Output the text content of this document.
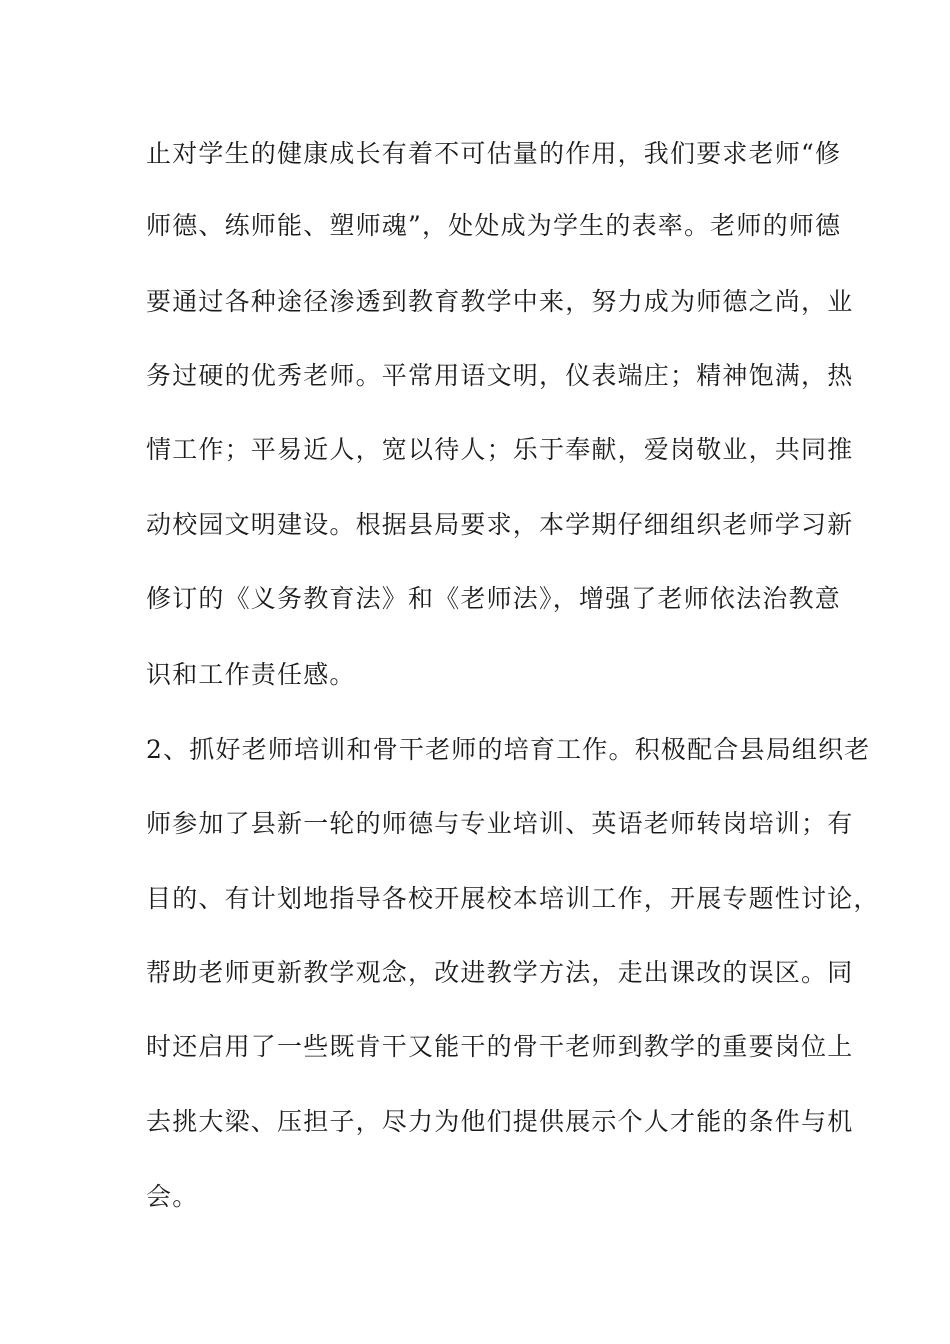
止对学生的健康成长有着不可估量的作用，我们要求老师“修
师德、练师能、塑师魂”，处处成为学生的表率。老师的师德
要通过各种途径渗透到教育教学中来，努力成为师德之尚，业
务过硬的优秀老师。平常用语文明，仪表端庄；精神饱满，热
情工作；平易近人，宽以待人；乐于奉献，爱岗敬业，共同推
动校园文明建设。根据县局要求，本学期仔细组织老师学习新
修订的《义务教育法》和《老师法》，增强了老师依法治教意
识和工作责任感。
2、抓好老师培训和骨干老师的培育工作。积极配合县局组织老
师参加了县新一轮的师德与专业培训、英语老师转岗培训；有
目的、有计划地指导各校开展校本培训工作，开展专题性讨论，
帮助老师更新教学观念，改进教学方法，走出课改的误区。同
时还启用了一些既肯干又能干的骨干老师到教学的重要岗位上
去挑大梁、压担子，尽力为他们提供展示个人才能的条件与机
会。
